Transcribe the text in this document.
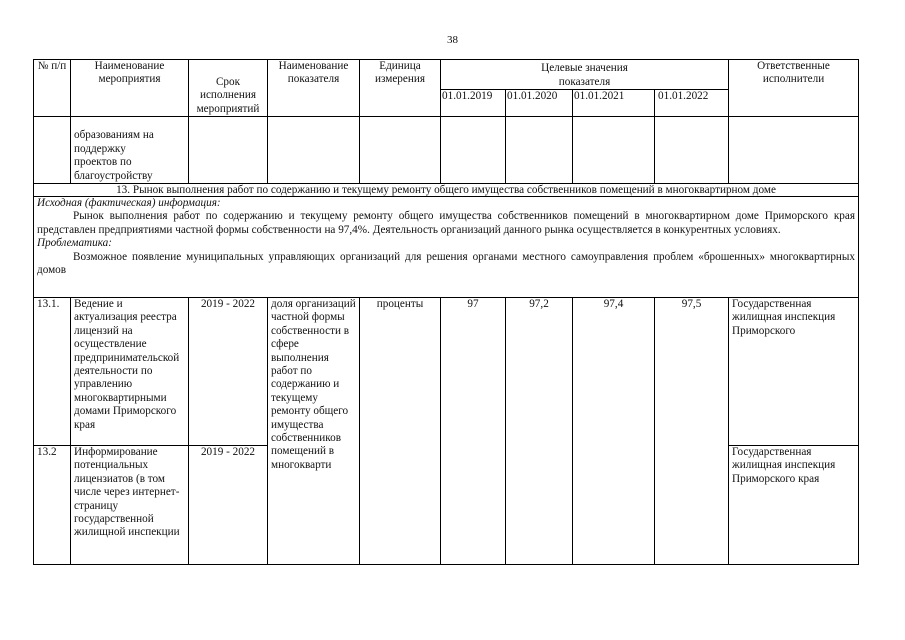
38
№ п/п	Наименование мероприятия	Срок исполнения мероприятий	Наименование показателя	Единица измерения	Целевые значения показателя				Ответственные исполнители
					01.01.2019	01.01.2020	01.01.2021	01.01.2022	
	образованиям на поддержку проектов по благоустройству								
13. Рынок выполнения работ по содержанию и текущему ремонту общего имущества собственников помещений в многоквартирном доме									

Исходная (фактическая) информация:
Рынок выполнения работ по содержанию и текущему ремонту общего имущества собственников помещений в многоквартирном доме Приморского края представлен предприятиями частной формы собственности на 97,4%. Деятельность организаций данного рынка осуществляется в конкурентных условиях.
Проблематика:
Возможное появление муниципальных управляющих организаций для решения органами местного самоуправления проблем «брошенных» многоквартирных домов									

13.1.	Ведение и актуализация реестра лицензий на осуществление предпринимательской деятельности по управлению многоквартирными домами Приморского края	2019 - 2022	доля организаций частной формы собственности в сфере выполнения работ по содержанию и текущему ремонту общего имущества собственников помещений в многокварти	проценты	97	97,2	97,4	97,5	Государственная жилищная инспекция Приморского
13.2	Информирование потенциальных лицензиатов (в том числе через интернет-страницу государственной жилищной инспекции	2019 - 2022							Государственная жилищная инспекция Приморского края
